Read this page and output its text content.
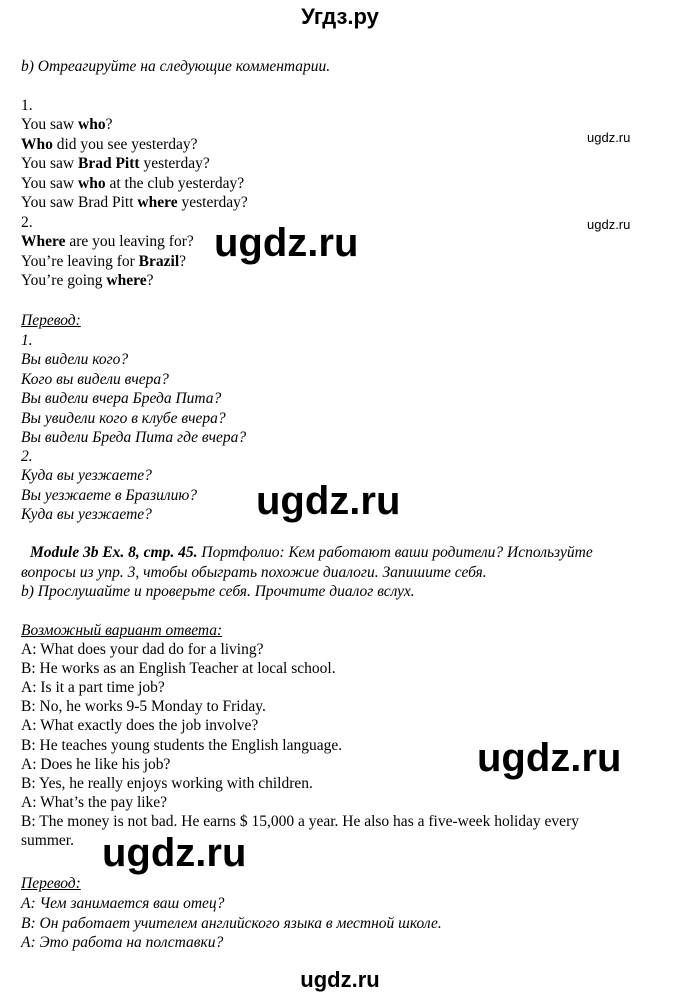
Угдз.ру
b) Отреагируйте на следующие комментарии.
1.
You saw who?
Who did you see yesterday?
You saw Brad Pitt yesterday?
You saw who at the club yesterday?
You saw Brad Pitt where yesterday?
2.
Where are you leaving for?
You’re leaving for Brazil?
You’re going where?
Перевод:
1.
Вы видели кого?
Кого вы видели вчера?
Вы видели вчера Бреда Пита?
Вы увидели кого в клубе вчера?
Вы видели Бреда Пита где вчера?
2.
Куда вы уезжаете?
Вы уезжаете в Бразилию?
Куда вы уезжаете?
Module 3b Ex. 8, стр. 45. Портфолио: Кем работают ваши родители? Используйте
вопросы из упр. 3, чтобы обыграть похожие диалоги. Запишите себя.
b) Прослушайте и проверьте себя. Прочтите диалог вслух.
Возможный вариант ответа:
A: What does your dad do for a living?
B: He works as an English Teacher at local school.
A: Is it a part time job?
B: No, he works 9-5 Monday to Friday.
A: What exactly does the job involve?
B: He teaches young students the English language.
A: Does he like his job?
B: Yes, he really enjoys working with children.
A: What’s the pay like?
B: The money is not bad. He earns $ 15,000 a year. He also has a five-week holiday every
summer.
Перевод:
A: Чем занимается ваш отец?
B: Он работает учителем английского языка в местной школе.
A: Это работа на полставки?
ugdz.ru
ugdz.ru
ugdz.ru
ugdz.ru
ugdz.ru
ugdz.ru
ugdz.ru
